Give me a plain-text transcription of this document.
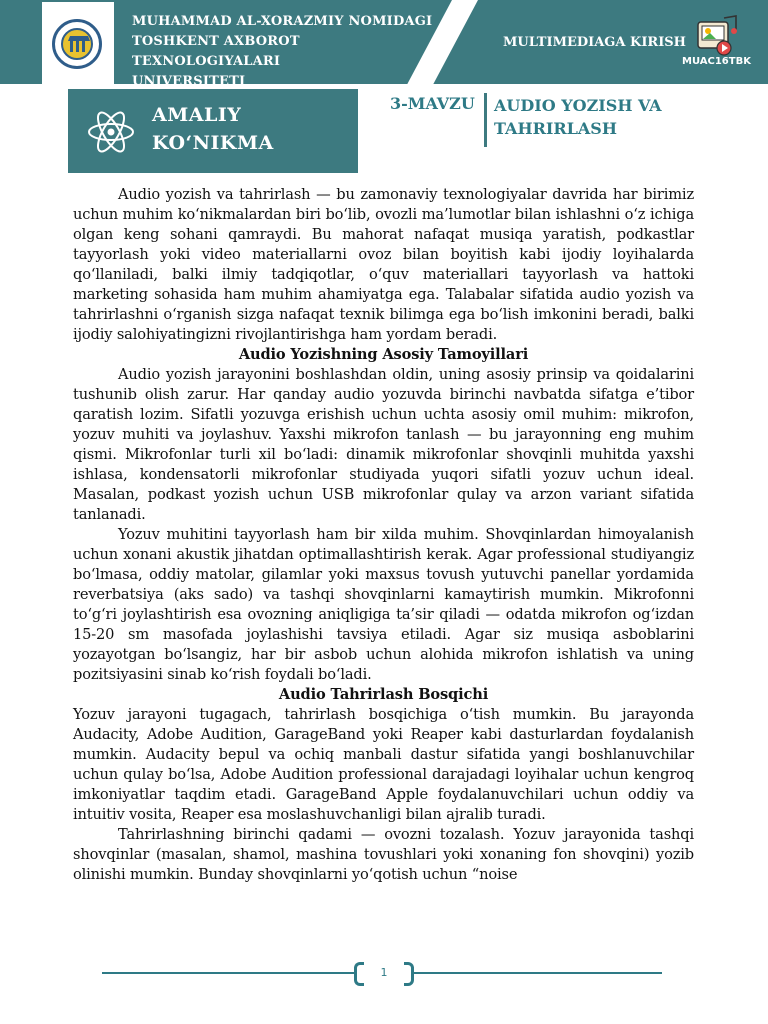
MUHAMMAD AL-XORAZMIY NOMIDAGI
TOSHKENT AXBOROT TEXNOLOGIYALARI
UNIVERSITETI
MULTIMEDIAGA KIRISH
MUAC16TBK
AMALIY
KO‘NIKMA
3-MAVZU AUDIO YOZISH VA TAHRIRLASH

Audio yozish va tahrirlash — bu zamonaviy texnologiyalar davrida har birimiz uchun muhim ko‘nikmalardan biri bo‘lib, ovozli ma’lumotlar bilan ishlashni o‘z ichiga olgan keng sohani qamraydi. Bu mahorat nafaqat musiqa yaratish, podkastlar tayyorlash yoki video materiallarni ovoz bilan boyitish kabi ijodiy loyihalarda qo‘llaniladi, balki ilmiy tadqiqotlar, o‘quv materiallari tayyorlash va hattoki marketing sohasida ham muhim ahamiyatga ega. Talabalar sifatida audio yozish va tahrirlashni o‘rganish sizga nafaqat texnik bilimga ega bo‘lish imkonini beradi, balki ijodiy salohiyatingizni rivojlantirishga ham yordam beradi.

Audio Yozishning Asosiy Tamoyillari

Audio yozish jarayonini boshlashdan oldin, uning asosiy prinsip va qoidalarini tushunib olish zarur. Har qanday audio yozuvda birinchi navbatda sifatga e’tibor qaratish lozim. Sifatli yozuvga erishish uchun uchta asosiy omil muhim: mikrofon, yozuv muhiti va joylashuv. Yaxshi mikrofon tanlash — bu jarayonning eng muhim qismi. Mikrofonlar turli xil bo‘ladi: dinamik mikrofonlar shovqinli muhitda yaxshi ishlasa, kondensatorli mikrofonlar studiyada yuqori sifatli yozuv uchun ideal. Masalan, podkast yozish uchun USB mikrofonlar qulay va arzon variant sifatida tanlanadi.

Yozuv muhitini tayyorlash ham bir xilda muhim. Shovqinlardan himoyalanish uchun xonani akustik jihatdan optimallashtirish kerak. Agar professional studiyangiz bo‘lmasa, oddiy matolar, gilamlar yoki maxsus tovush yutuvchi panellar yordamida reverbatsiya (aks sado) va tashqi shovqinlarni kamaytirish mumkin. Mikrofonni to‘g‘ri joylashtirish esa ovozning aniqligiga ta’sir qiladi — odatda mikrofon og‘izdan 15-20 sm masofada joylashishi tavsiya etiladi. Agar siz musiqa asboblarini yozayotgan bo‘lsangiz, har bir asbob uchun alohida mikrofon ishlatish va uning pozitsiyasini sinab ko‘rish foydali bo‘ladi.

Audio Tahrirlash Bosqichi

Yozuv jarayoni tugagach, tahrirlash bosqichiga o‘tish mumkin. Bu jarayonda Audacity, Adobe Audition, GarageBand yoki Reaper kabi dasturlardan foydalanish mumkin. Audacity bepul va ochiq manbali dastur sifatida yangi boshlanuvchilar uchun qulay bo‘lsa, Adobe Audition professional darajadagi loyihalar uchun kengroq imkoniyatlar taqdim etadi. GarageBand Apple foydalanuvchilari uchun oddiy va intuitiv vosita, Reaper esa moslashuvchanligi bilan ajralib turadi.

Tahrirlashning birinchi qadami — ovozni tozalash. Yozuv jarayonida tashqi shovqinlar (masalan, shamol, mashina tovushlari yoki xonaning fon shovqini) yozib olinishi mumkin. Bunday shovqinlarni yo‘qotish uchun “noise

1
